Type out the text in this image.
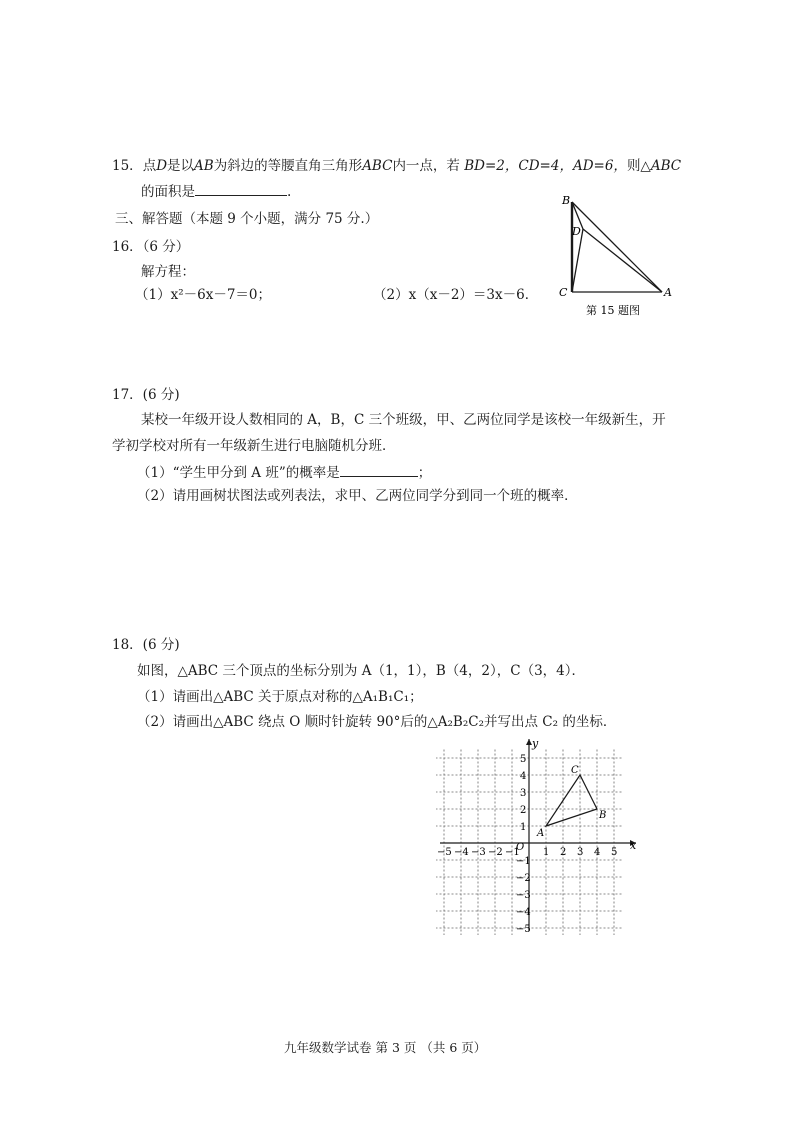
15．点D是以AB为斜边的等腰直角三角形ABC内一点，若 BD=2，CD=4，AD=6，则△ABC
的面积是	.
B
D
C	A
第 15 题图
三、解答题（本题 9 个小题，满分 75 分.）
16．（6 分）
解方程：
（1）x²－6x－7＝0；	（2）x（x－2）＝3x－6．
17．(6 分)
某校一年级开设人数相同的 A，B，C 三个班级，甲、乙两位同学是该校一年级新生，开
学初学校对所有一年级新生进行电脑随机分班．
（1）“学生甲分到 A 班”的概率是	；
（2）请用画树状图法或列表法，求甲、乙两位同学分到同一个班的概率．
18．(6 分)
如图，△ABC 三个顶点的坐标分别为 A（1，1），B（4，2），C（3，4）．
（1）请画出△ABC 关于原点对称的△A₁B₁C₁；
（2）请画出△ABC 绕点 O 顺时针旋转 90°后的△A₂B₂C₂并写出点 C₂ 的坐标．
A
B
C
−5 −4 −3 −2 −1 1 2 3 4 5
5
4
3
2
1
−1
−2
−3
−4
−5
x
y
O
九年级数学试卷 第 3 页 （共 6 页）
